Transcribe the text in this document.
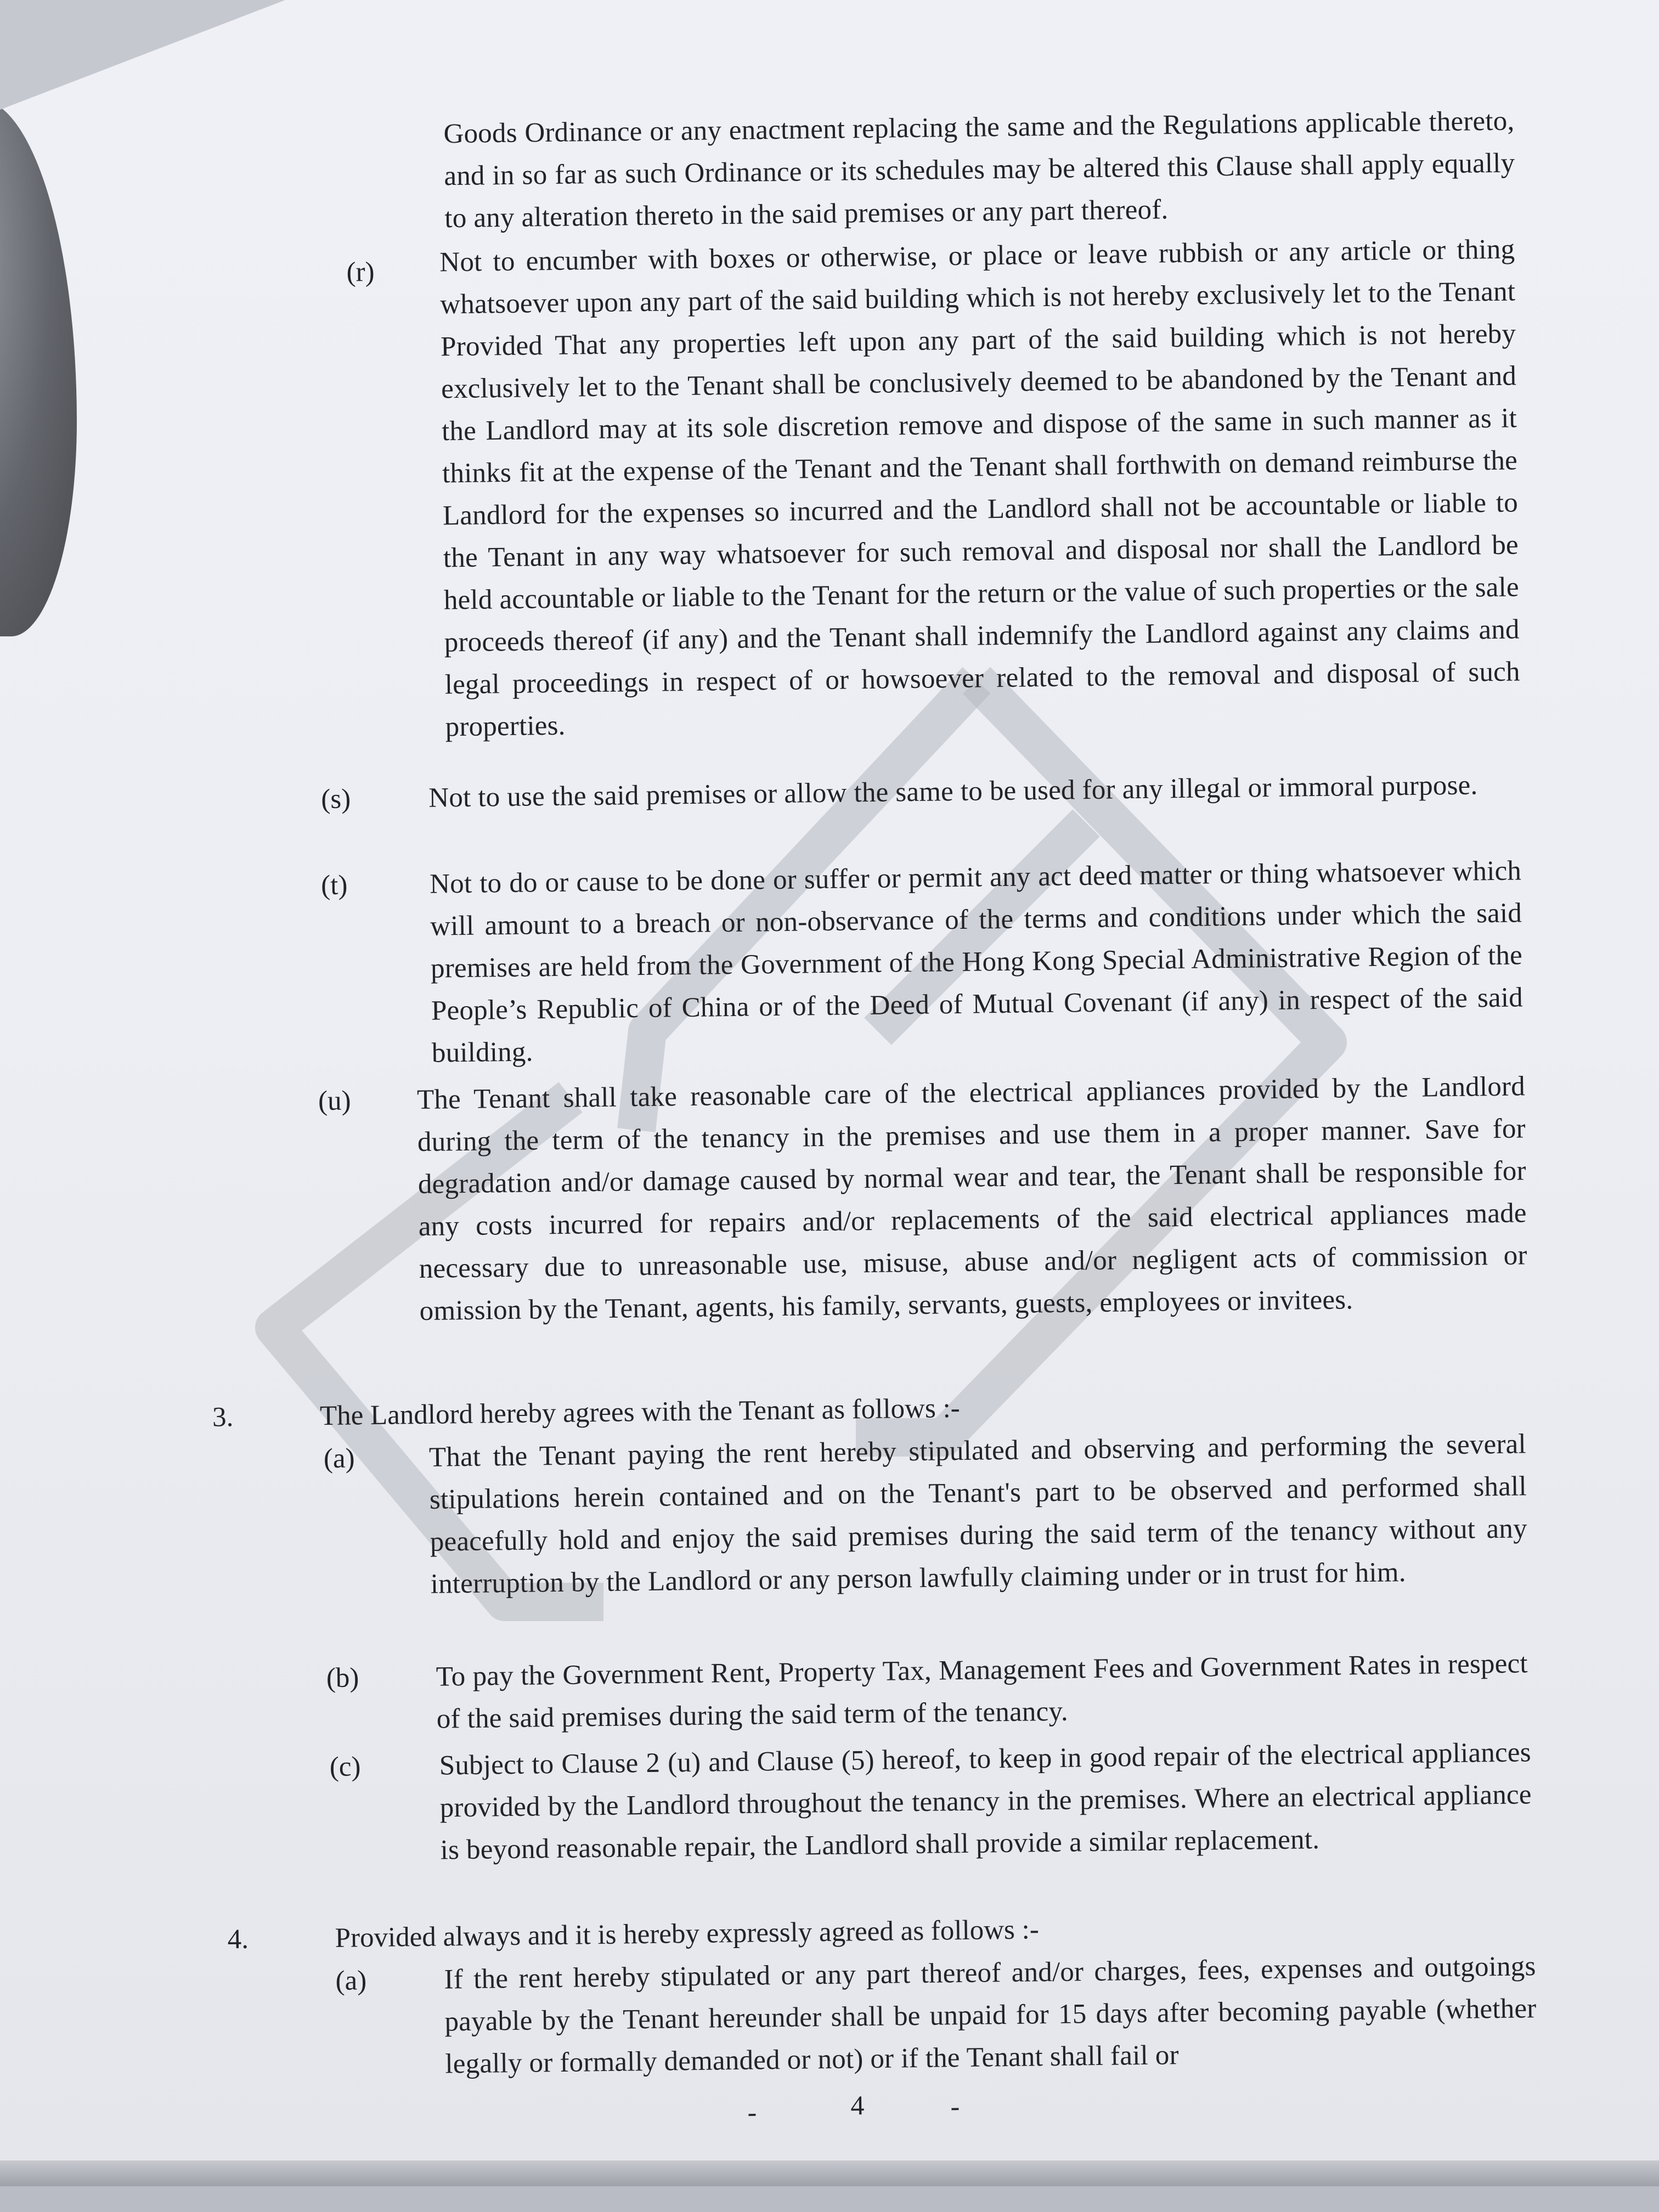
Goods Ordinance or any enactment replacing the same and the Regulations applicable thereto, and in so far as such Ordinance or its schedules may be altered this Clause shall apply equally to any alteration thereto in the said premises or any part thereof.

(r) Not to encumber with boxes or otherwise, or place or leave rubbish or any article or thing whatsoever upon any part of the said building which is not hereby exclusively let to the Tenant Provided That any properties left upon any part of the said building which is not hereby exclusively let to the Tenant shall be conclusively deemed to be abandoned by the Tenant and the Landlord may at its sole discretion remove and dispose of the same in such manner as it thinks fit at the expense of the Tenant and the Tenant shall forthwith on demand reimburse the Landlord for the expenses so incurred and the Landlord shall not be accountable or liable to the Tenant in any way whatsoever for such removal and disposal nor shall the Landlord be held accountable or liable to the Tenant for the return or the value of such properties or the sale proceeds thereof (if any) and the Tenant shall indemnify the Landlord against any claims and legal proceedings in respect of or howsoever related to the removal and disposal of such properties.

(s)	Not to use the said premises or allow the same to be used for any illegal or immoral purpose.

(t)	Not to do or cause to be done or suffer or permit any act deed matter or thing whatsoever which will amount to a breach or non-observance of the terms and conditions under which the said premises are held from the Government of the Hong Kong Special Administrative Region of the People’s Republic of China or of the Deed of Mutual Covenant (if any) in respect of the said building.

(u) The Tenant shall take reasonable care of the electrical appliances provided by the Landlord during the term of the tenancy in the premises and use them in a proper manner. Save for degradation and/or damage caused by normal wear and tear, the Tenant shall be responsible for any costs incurred for repairs and/or replacements of the said electrical appliances made necessary due to unreasonable use, misuse, abuse and/or negligent acts of commission or omission by the Tenant, agents, his family, servants, guests, employees or invitees.

3.	The Landlord hereby agrees with the Tenant as follows :-

(a)	That the Tenant paying the rent hereby stipulated and observing and performing the several stipulations herein contained and on the Tenant's part to be observed and performed shall peacefully hold and enjoy the said premises during the said term of the tenancy without any interruption by the Landlord or any person lawfully claiming under or in trust for him.

(b)	To pay the Government Rent, Property Tax, Management Fees and Government Rates in respect of the said premises during the said term of the tenancy.

(c)	Subject to Clause 2 (u) and Clause (5) hereof, to keep in good repair of the electrical appliances provided by the Landlord throughout the tenancy in the premises. Where an electrical appliance is beyond reasonable repair, the Landlord shall provide a similar replacement.

4.	Provided always and it is hereby expressly agreed as follows :-

(a)	If the rent hereby stipulated or any part thereof and/or charges, fees, expenses and outgoings payable by the Tenant hereunder shall be unpaid for 15 days after becoming payable (whether legally or formally demanded or not) or if the Tenant shall fail or

-	4	-
